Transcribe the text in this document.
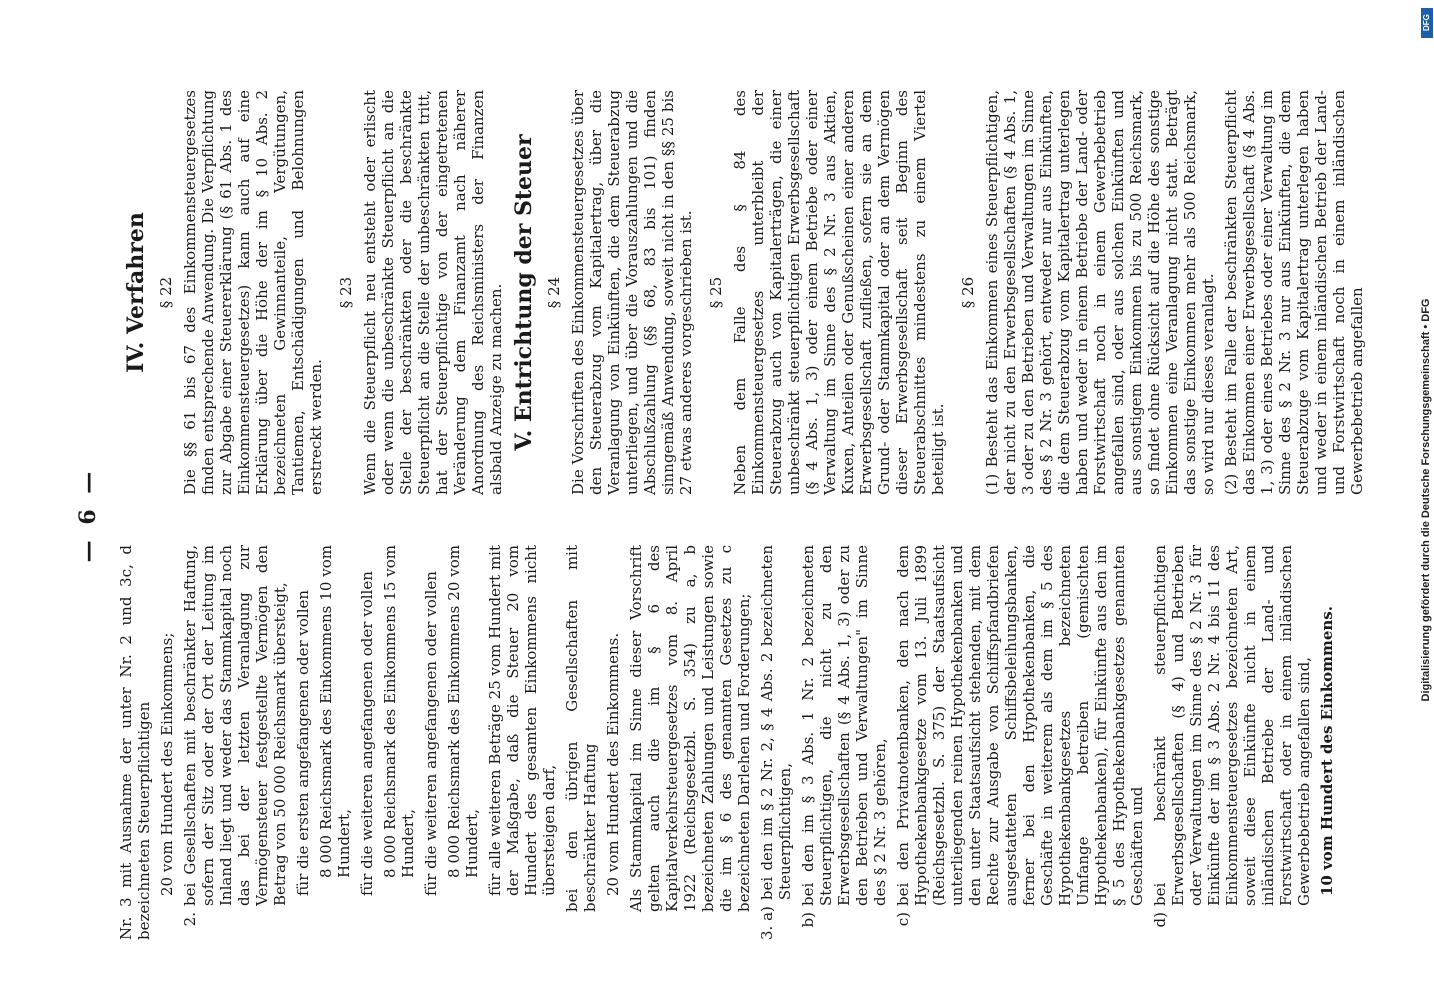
— 6 —
Nr. 3 mit Ausnahme der unter Nr. 2 und 3c, d bezeichneten Steuerpflichtigen 20 vom Hundert des Einkommens;
2.
bei Gesellschaften mit beschränkter Haftung, sofern der Sitz oder der Ort der Leitung im Inland liegt und weder das Stammkapital noch das bei der letzten Veranlagung zur Vermögensteuer festgestellte Vermögen den Betrag von 50 000 Reichsmark übersteigt, für die ersten angefangenen oder vollen 8 000 Reichsmark des Einkommens 10 vom Hundert, für die weiteren angefangenen oder vollen 8 000 Reichsmark des Einkommens 15 vom Hundert, für die weiteren angefangenen oder vollen 8 000 Reichsmark des Einkommens 20 vom Hundert, für alle weiteren Beträge 25 vom Hundert mit der Maßgabe, daß die Steuer 20 vom Hundert des gesamten Einkommens nicht übersteigen darf, bei den übrigen Gesellschaften mit beschränkter Haftung 20 vom Hundert des Einkommens. Als Stammkapital im Sinne dieser Vorschrift gelten auch die im § 6 des Kapitalverkehrsteuergesetzes vom 8. April 1922 (Reichsgesetzbl. S. 354) zu a, b bezeichneten Zahlungen und Leistungen sowie die im § 6 des genannten Gesetzes zu c bezeichneten Darlehen und Forderungen;
3. a)
bei den im § 2 Nr. 2, § 4 Abs. 2 bezeichneten Steuerpflichtigen,
b)
bei den im § 3 Abs. 1 Nr. 2 bezeichneten Steuerpflichtigen, die nicht zu den Erwerbsgesellschaften (§ 4 Abs. 1, 3) oder zu den Betrieben und Verwaltungen" im Sinne des § 2 Nr. 3 gehören,
c)
bei den Privatnotenbanken, den nach dem Hypothekenbankgesetze vom 13. Juli 1899 (Reichsgesetzbl. S. 375) der Staatsaufsicht unterliegenden reinen Hypothekenbanken und den unter Staatsaufsicht stehenden, mit dem Rechte zur Ausgabe von Schiffspfandbriefen ausgestatteten Schiffsbeleihungsbanken, ferner bei den Hypothekenbanken, die Geschäfte in weiterem als dem im § 5 des Hypothekenbankgesetzes bezeichneten Umfange betreiben (gemischten Hypothekenbanken), für Einkünfte aus den im § 5 des Hypothekenbankgesetzes genannten Geschäften und
d)
bei beschränkt steuerpflichtigen Erwerbsgesellschaften (§ 4) und Betrieben oder Verwaltungen im Sinne des § 2 Nr. 3 für Einkünfte der im § 3 Abs. 2 Nr. 4 bis 11 des Einkommensteuergesetzes bezeichneten Art, soweit diese Einkünfte nicht in einem inländischen Betriebe der Land- und Forstwirtschaft oder in einem inländischen Gewerbebetrieb angefallen sind, 10 vom Hundert des Einkommens.
IV. Verfahren § 22 Die §§ 61 bis 67 des Einkommensteuergesetzes finden entsprechende Anwendung. Die Verpflichtung zur Abgabe einer Steuererklärung (§ 61 Abs. 1 des Einkommensteuergesetzes) kann auch auf eine Erklärung über die Höhe der im § 10 Abs. 2 bezeichneten Gewinnanteile, Vergütungen, Tantiemen, Entschädigungen und Belohnungen erstreckt werden.
§ 23 Wenn die Steuerpflicht neu entsteht oder erlischt oder wenn die unbeschränkte Steuerpflicht an die Stelle der beschränkten oder die beschränkte Steuerpflicht an die Stelle der unbeschränkten tritt, hat der Steuerpflichtige von der eingetretenen Veränderung dem Finanzamt nach näherer Anordnung des Reichsministers der Finanzen alsbald Anzeige zu machen. V. Entrichtung der Steuer § 24 Die Vorschriften des Einkommensteuergesetzes über den Steuerabzug vom Kapitalertrag, über die Veranlagung von Einkünften, die dem Steuerabzug unterliegen, und über die Vorauszahlungen und die Abschlußzahlung (§§ 68, 83 bis 101) finden sinngemäß Anwendung, soweit nicht in den §§ 25 bis 27 etwas anderes vorgeschrieben ist. § 25 Neben dem Falle des § 84 des Einkommensteuergesetzes unterbleibt der Steuerabzug auch von Kapitalerträgen, die einer unbeschränkt steuerpflichtigen Erwerbsgesellschaft (§ 4 Abs. 1, 3) oder einem Betriebe oder einer Verwaltung im Sinne des § 2 Nr. 3 aus Aktien, Kuxen, Anteilen oder Genußscheinen einer anderen Erwerbsgesellschaft zufließen, sofern sie an dem Grund- oder Stammkapital oder an dem Vermögen dieser Erwerbsgesellschaft seit Beginn des Steuerabschnittes mindestens zu einem Viertel beteiligt ist.
§ 26 (1) Besteht das Einkommen eines Steuerpflichtigen, der nicht zu den Erwerbsgesellschaften (§ 4 Abs. 1, 3 oder zu den Betrieben und Verwaltungen im Sinne des § 2 Nr. 3 gehört, entweder nur aus Einkünften, die dem Steuerabzug vom Kapitalertrag unterlegen haben und weder in einem Betriebe der Land- oder Forstwirtschaft noch in einem Gewerbebetrieb angefallen sind, oder aus solchen Einkünften und aus sonstigem Einkommen bis zu 500 Reichsmark, so findet ohne Rücksicht auf die Höhe des sonstige Einkommen eine Veranlagung nicht statt. Beträgt das sonstige Einkommen mehr als 500 Reichsmark, so wird nur dieses veranlagt. (2) Besteht im Falle der beschränkten Steuerpflicht das Einkommen einer Erwerbsgesellschaft (§ 4 Abs. 1, 3) oder eines Betriebes oder einer Verwaltung im Sinne des § 2 Nr. 3 nur aus Einkünften, die dem Steuerabzuge vom Kapitalertrag unterlegen haben und weder in einem inländischen Betrieb der Land- und Forstwirtschaft noch in einem inländischen Gewerbebetrieb angefallen	Digitalisierung gefördert durch die Deutsche Forschungsgemeinschaft • DFG
DFG
